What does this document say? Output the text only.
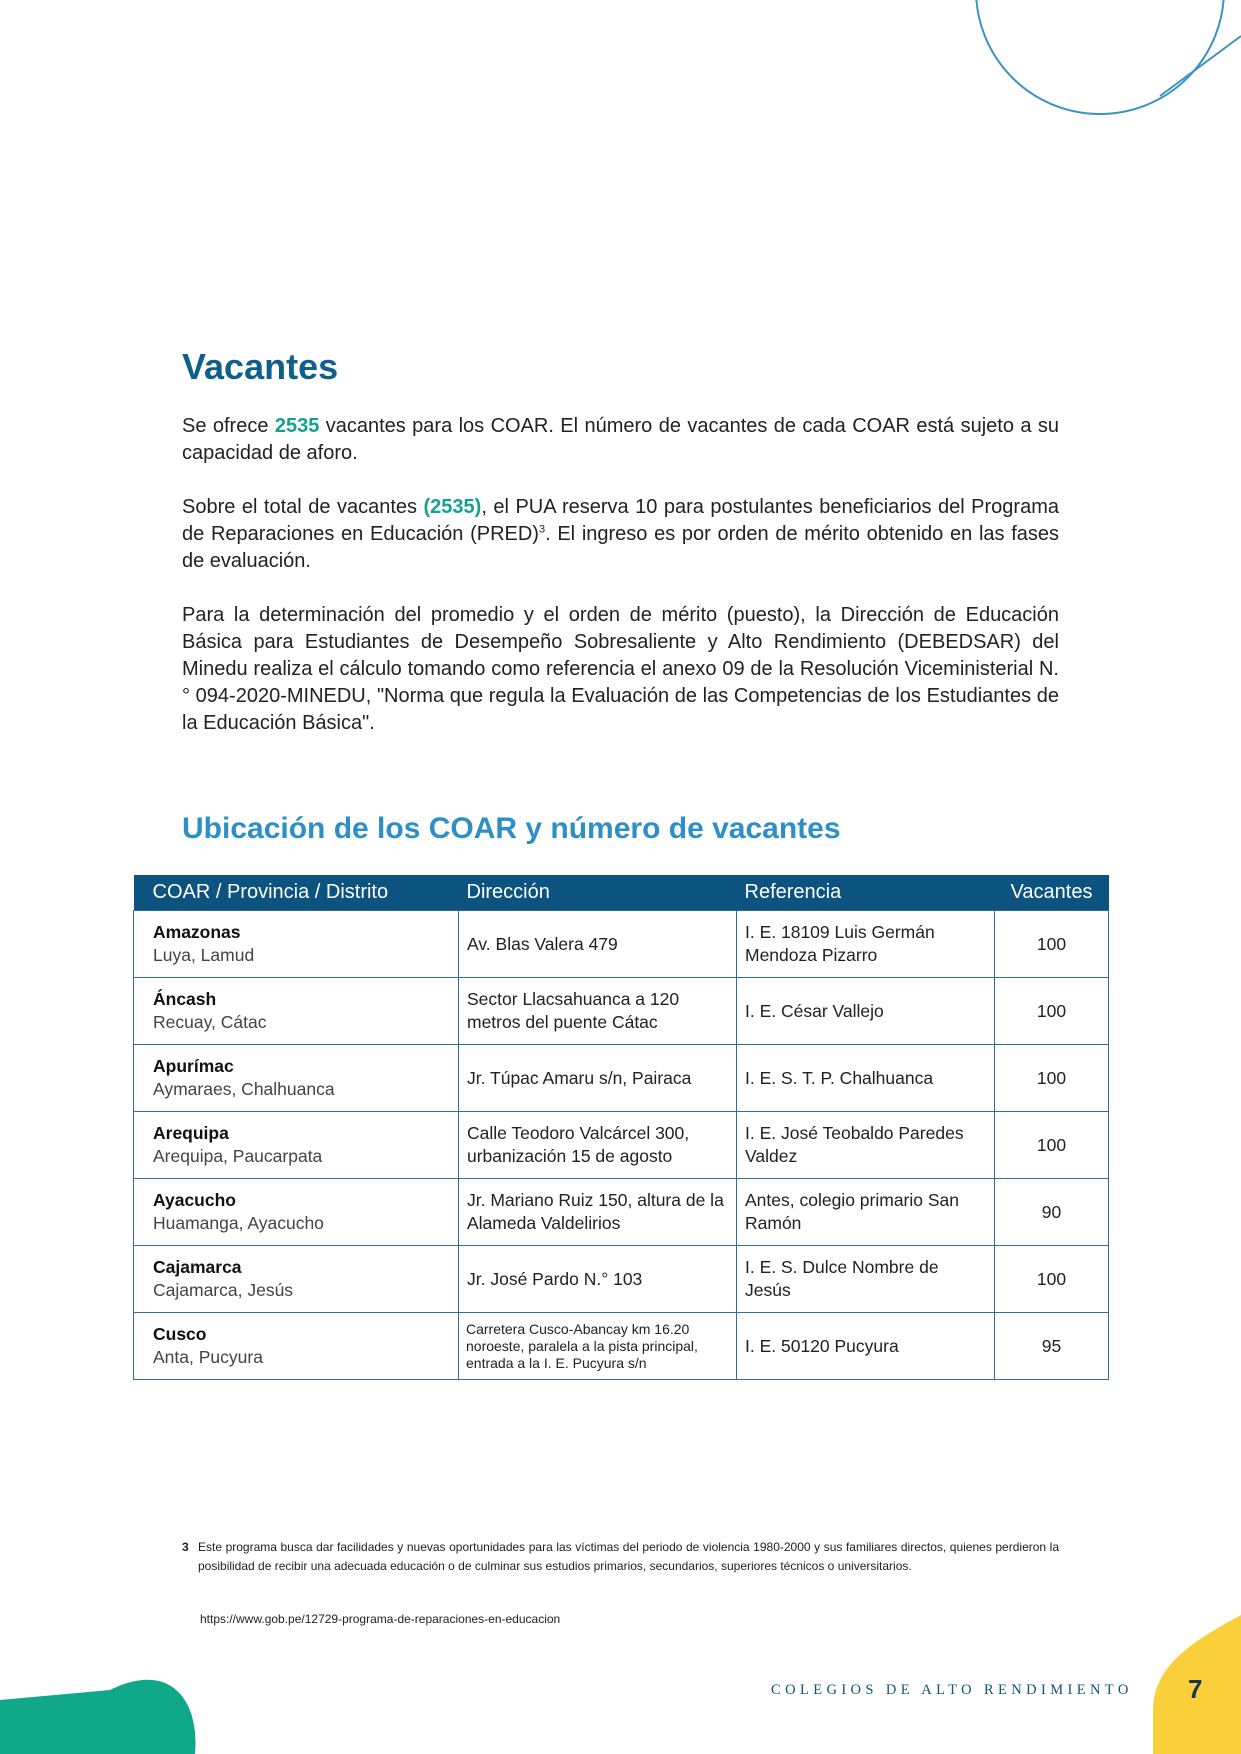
Vacantes

Se ofrece 2535 vacantes para los COAR. El número de vacantes de cada COAR está sujeto a su capacidad de aforo.

Sobre el total de vacantes (2535), el PUA reserva 10 para postulantes beneficiarios del Programa de Reparaciones en Educación (PRED)$^3$. El ingreso es por orden de mérito obtenido en las fases de evaluación.

Para la determinación del promedio y el orden de mérito (puesto), la Dirección de Educación Básica para Estudiantes de Desempeño Sobresaliente y Alto Rendimiento (DEBEDSAR) del Minedu realiza el cálculo tomando como referencia el anexo 09 de la Resolución Viceministerial N.° 094-2020-MINEDU, "Norma que regula la Evaluación de las Competencias de los Estudiantes de la Educación Básica".

Ubicación de los COAR y número de vacantes
COAR / Provincia / Distrito	Dirección	Referencia	Vacantes

Amazonas
Luya, Lamud	Av. Blas Valera 479	I. E. 18109 Luis Germán Mendoza Pizarro	100

Áncash
Recuay, Cátac	Sector Llacsahuanca a 120 metros del puente Cátac	I. E. César Vallejo	100

Apurímac
Aymaraes, Chalhuanca	Jr. Túpac Amaru s/n, Pairaca	I. E. S. T. P. Chalhuanca	100

Arequipa
Arequipa, Paucarpata	Calle Teodoro Valcárcel 300, urbanización 15 de agosto	I. E. José Teobaldo Paredes Valdez	100

Ayacucho
Huamanga, Ayacucho	Jr. Mariano Ruiz 150, altura de la Alameda Valdelirios	Antes, colegio primario San Ramón	90

Cajamarca
Cajamarca, Jesús	Jr. José Pardo N.° 103	I. E. S. Dulce Nombre de Jesús	100

Cusco
Anta, Pucyura	Carretera Cusco-Abancay km 16.20 noroeste, paralela a la pista principal, entrada a la I. E. Pucyura s/n	I. E. 50120 Pucyura	95
3 Este programa busca dar facilidades y nuevas oportunidades para las víctimas del periodo de violencia 1980-2000 y sus familiares directos, quienes perdieron la posibilidad de recibir una adecuada educación o de culminar sus estudios primarios, secundarios, superiores técnicos o universitarios.
https://www.gob.pe/12729-programa-de-reparaciones-en-educacion
COLEGIOS DE ALTO RENDIMIENTO 7
